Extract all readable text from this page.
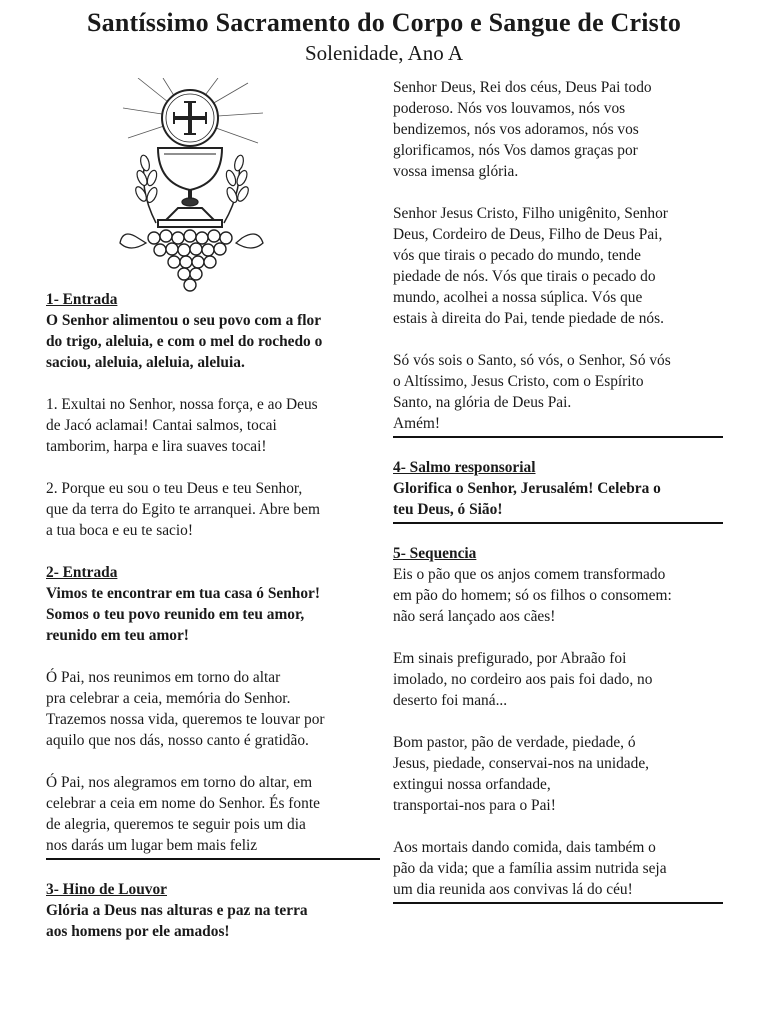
Santíssimo Sacramento do Corpo e Sangue de Cristo
Solenidade, Ano A
1- Entrada

O Senhor alimentou o seu povo com a flor
do trigo, aleluia, e com o mel do rochedo o
saciou, aleluia, aleluia, aleluia.

1. Exultai no Senhor, nossa força, e ao Deus
de Jacó aclamai! Cantai salmos, tocai
tamborim, harpa e lira suaves tocai!

2. Porque eu sou o teu Deus e teu Senhor,
que da terra do Egito te arranquei. Abre bem
a tua boca e eu te sacio!

2- Entrada

Vimos te encontrar em tua casa ó Senhor!
Somos o teu povo reunido em teu amor,
reunido em teu amor!

Ó Pai, nos reunimos em torno do altar
pra celebrar a ceia, memória do Senhor.
Trazemos nossa vida, queremos te louvar por
aquilo que nos dás, nosso canto é gratidão.

Ó Pai, nos alegramos em torno do altar, em
celebrar a ceia em nome do Senhor. És fonte
de alegria, queremos te seguir pois um dia
nos darás um lugar bem mais feliz

3- Hino de Louvor

Glória a Deus nas alturas e paz na terra
aos homens por ele amados!

Senhor Deus, Rei dos céus, Deus Pai todo
poderoso. Nós vos louvamos, nós vos
bendizemos, nós vos adoramos, nós vos
glorificamos, nós Vos damos graças por
vossa imensa glória.

Senhor Jesus Cristo, Filho unigênito, Senhor
Deus, Cordeiro de Deus, Filho de Deus Pai,
vós que tirais o pecado do mundo, tende
piedade de nós. Vós que tirais o pecado do
mundo, acolhei a nossa súplica. Vós que
estais à direita do Pai, tende piedade de nós.

Só vós sois o Santo, só vós, o Senhor, Só vós
o Altíssimo, Jesus Cristo, com o Espírito
Santo, na glória de Deus Pai.
Amém!

4- Salmo responsorial

Glorifica o Senhor, Jerusalém! Celebra o
teu Deus, ó Sião!

5- Sequencia

Eis o pão que os anjos comem transformado
em pão do homem; só os filhos o consomem:
não será lançado aos cães!

Em sinais prefigurado, por Abraão foi
imolado, no cordeiro aos pais foi dado, no
deserto foi maná...

Bom pastor, pão de verdade, piedade, ó
Jesus, piedade, conservai-nos na unidade,
extingui nossa orfandade,
transportai-nos para o Pai!

Aos mortais dando comida, dais também o
pão da vida; que a família assim nutrida seja
um dia reunida aos convivas lá do céu!
